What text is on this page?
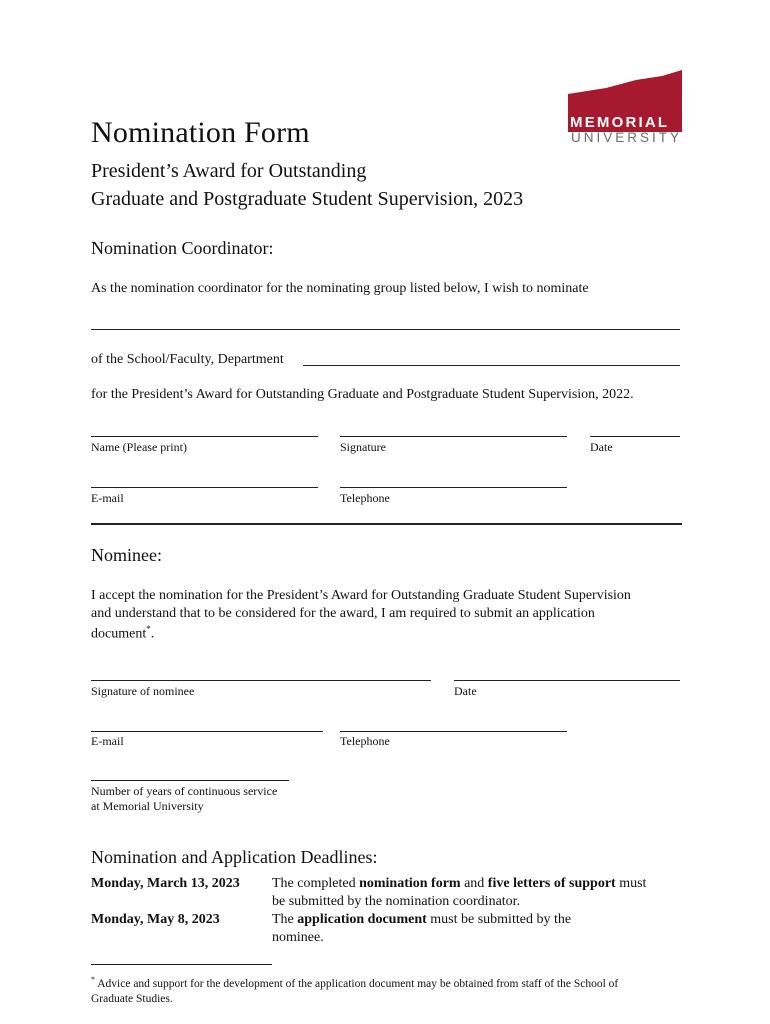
MEMORIAL
UNIVERSITY
Nomination Form
President’s Award for Outstanding
Graduate and Postgraduate Student Supervision, 2023
Nomination Coordinator:
As the nomination coordinator for the nominating group listed below, I wish to nominate
of the School/Faculty, Department
for the President’s Award for Outstanding Graduate and Postgraduate Student Supervision, 2022.
Name (Please print)	Signature	Date
E-mail	Telephone
Nominee:
I accept the nomination for the President’s Award for Outstanding Graduate Student Supervision
and understand that to be considered for the award, I am required to submit an application
document*.
Signature of nominee	Date
E-mail	Telephone
Number of years of continuous service
at Memorial University
Nomination and Application Deadlines:
Monday, March 13, 2023 The completed nomination form and five letters of support must
be submitted by the nomination coordinator.
Monday, May 8, 2023	The application document must be submitted by the
nominee.
* Advice and support for the development of the application document may be obtained from staff of the School of
Graduate Studies.
